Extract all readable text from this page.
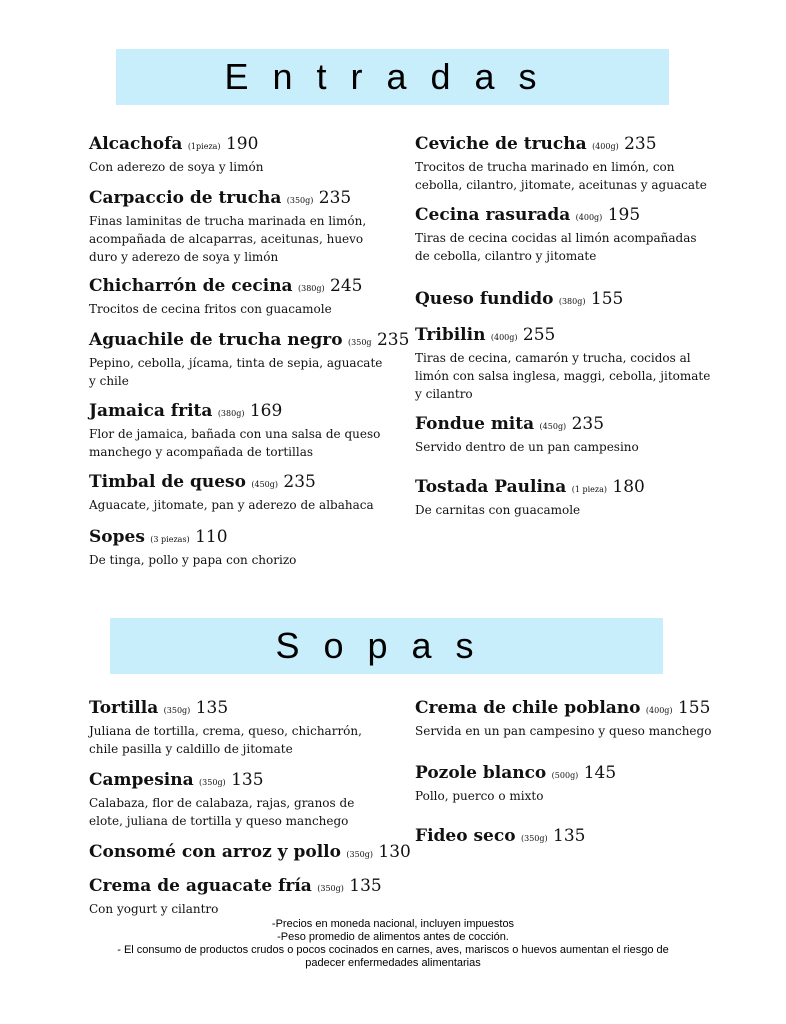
Entradas
Alcachofa (1pieza) 190
Con aderezo de soya y limón
Carpaccio de trucha (350g) 235
Finas laminitas de trucha marinada en limón, acompañada de alcaparras, aceitunas, huevo duro y aderezo de soya y limón
Chicharrón de cecina (380g) 245
Trocitos de cecina fritos con guacamole
Aguachile de trucha negro (350g 235
Pepino, cebolla, jícama, tinta de sepia, aguacate y chile
Jamaica frita (380g) 169
Flor de jamaica, bañada con una salsa de queso manchego y acompañada de tortillas
Timbal de queso (450g) 235
Aguacate, jitomate, pan y aderezo de albahaca
Sopes (3 piezas) 110
De tinga, pollo y papa con chorizo
Ceviche de trucha (400g) 235
Trocitos de trucha marinado en limón, con cebolla, cilantro, jitomate, aceitunas y aguacate
Cecina rasurada (400g) 195
Tiras de cecina cocidas al limón acompañadas de cebolla, cilantro y jitomate
Queso fundido (380g) 155
Tribilin (400g) 255
Tiras de cecina, camarón y trucha, cocidos al limón con salsa inglesa, maggi, cebolla, jitomate y cilantro
Fondue mita (450g) 235
Servido dentro de un pan campesino
Tostada Paulina (1 pieza) 180
De carnitas con guacamole
Sopas
Tortilla (350g) 135
Juliana de tortilla, crema, queso, chicharrón, chile pasilla y caldillo de jitomate
Campesina (350g) 135
Calabaza, flor de calabaza, rajas, granos de elote, juliana de tortilla y queso manchego
Consomé con arroz y pollo (350g) 130
Crema de aguacate fría (350g) 135
Con yogurt y cilantro
Crema de chile poblano (400g) 155
Servida en un pan campesino y queso manchego
Pozole blanco (500g) 145
Pollo, puerco o mixto
Fideo seco (350g) 135
-Precios en moneda nacional, incluyen impuestos
-Peso promedio de alimentos antes de cocción.
- El consumo de productos crudos o pocos cocinados en carnes, aves, mariscos o huevos aumentan el riesgo de
padecer enfermedades alimentarias
